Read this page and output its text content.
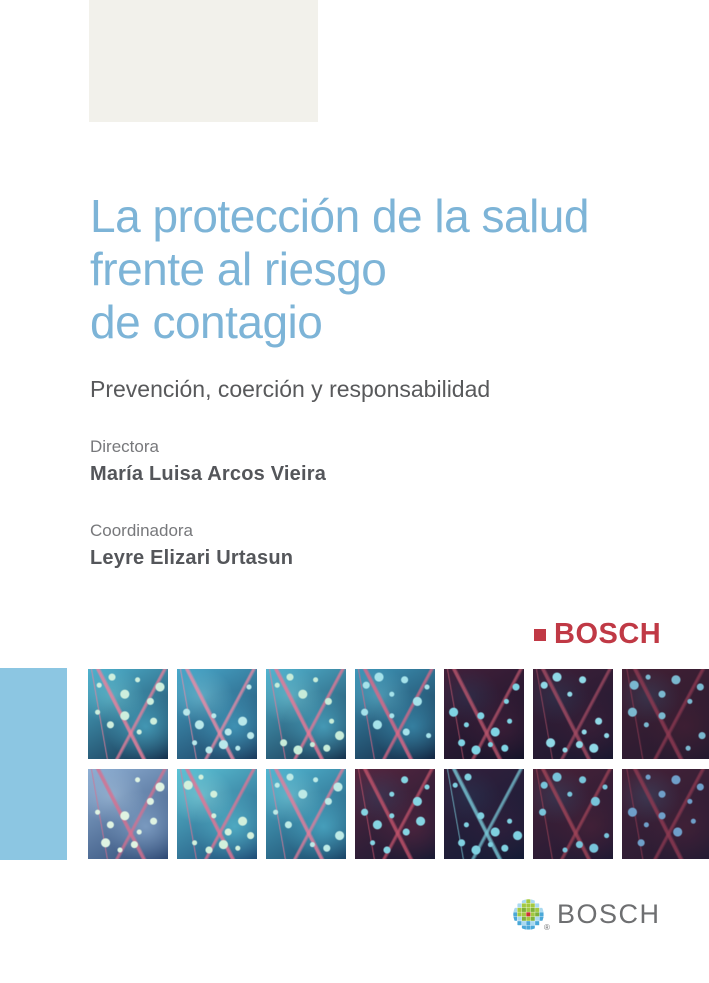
La protección de la salud
frente al riesgo
de contagio
Prevención, coerción y responsabilidad
Directora
María Luisa Arcos Vieira
Coordinadora
Leyre Elizari Urtasun
BOSCH
® BOSCH
